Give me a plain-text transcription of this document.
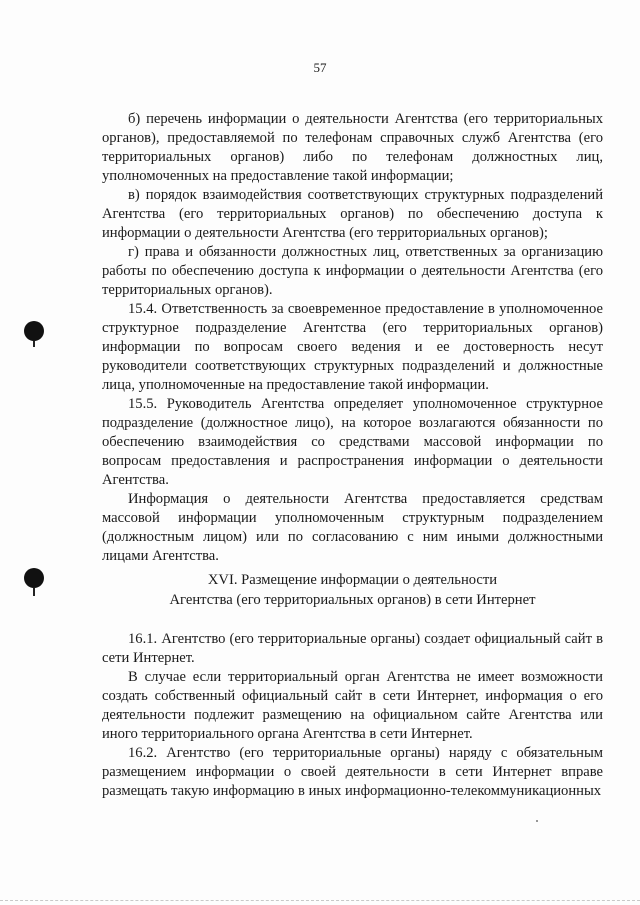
57

б) перечень информации о деятельности Агентства (его территориальных органов), предоставляемой по телефонам справочных служб Агентства (его территориальных органов) либо по телефонам должностных лиц, уполномоченных на предоставление такой информации;

в) порядок взаимодействия соответствующих структурных подразделений Агентства (его территориальных органов) по обеспечению доступа к информации о деятельности Агентства (его территориальных органов);

г) права и обязанности должностных лиц, ответственных за организацию работы по обеспечению доступа к информации о деятельности Агентства (его территориальных органов).

15.4. Ответственность за своевременное предоставление в уполномоченное структурное подразделение Агентства (его территориальных органов) информации по вопросам своего ведения и ее достоверность несут руководители соответствующих структурных подразделений и должностные лица, уполномоченные на предоставление такой информации.

15.5. Руководитель Агентства определяет уполномоченное структурное подразделение (должностное лицо), на которое возлагаются обязанности по обеспечению взаимодействия со средствами массовой информации по вопросам предоставления и распространения информации о деятельности Агентства.

Информация о деятельности Агентства предоставляется средствам массовой информации уполномоченным структурным подразделением (должностным лицом) или по согласованию с ним иными должностными лицами Агентства.

XVI. Размещение информации о деятельности
Агентства (его территориальных органов) в сети Интернет

16.1. Агентство (его территориальные органы) создает официальный сайт в сети Интернет.

В случае если территориальный орган Агентства не имеет возможности создать собственный официальный сайт в сети Интернет, информация о его деятельности подлежит размещению на официальном сайте Агентства или иного территориального органа Агентства в сети Интернет.

16.2. Агентство (его территориальные органы) наряду с обязательным размещением информации о своей деятельности в сети Интернет вправе размещать такую информацию в иных информационно-телекоммуникационных
